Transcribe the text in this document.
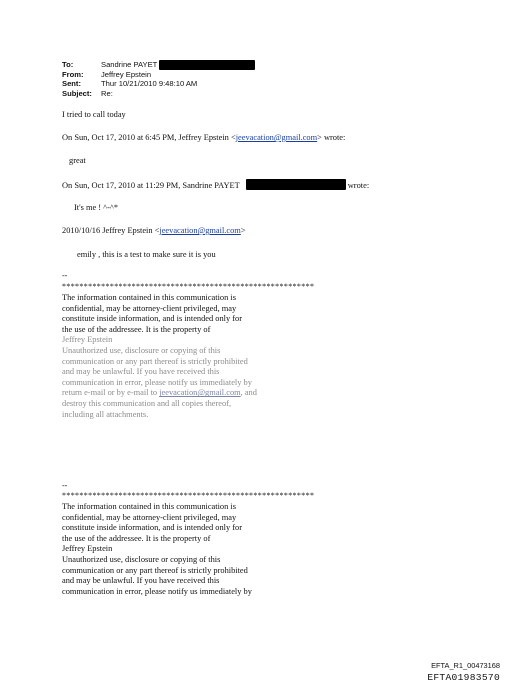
To:	Sandrine PAYET
From:	Jeffrey Epstein
Sent:	Thur 10/21/2010 9:48:10 AM
Subject:	Re:
I tried to call today
On Sun, Oct 17, 2010 at 6:45 PM, Jeffrey Epstein <jeevacation@gmail.com> wrote:
great
On Sun, Oct 17, 2010 at 11:29 PM, Sandrine PAYET	wrote:
It's me ! ^-^*
2010/10/16 Jeffrey Epstein <jeevacation@gmail.com>
emily , this is a test to make sure it is you
--
**********************************************************

The information contained in this communication is

confidential, may be attorney-client privileged, may

constitute inside information, and is intended only for

the use of the addressee. It is the property of

Jeffrey Epstein

Unauthorized use, disclosure or copying of this

communication or any part thereof is strictly prohibited

and may be unlawful. If you have received this

communication in error, please notify us immediately by

return e-mail or by e-mail to jeevacation@gmail.com, and

destroy this communication and all copies thereof,

including all attachments.

--
**********************************************************

The information contained in this communication is

confidential, may be attorney-client privileged, may

constitute inside information, and is intended only for

the use of the addressee. It is the property of

Jeffrey Epstein

Unauthorized use, disclosure or copying of this

communication or any part thereof is strictly prohibited

and may be unlawful. If you have received this

communication in error, please notify us immediately by

EFTA_R1_00473168
EFTA01983570
